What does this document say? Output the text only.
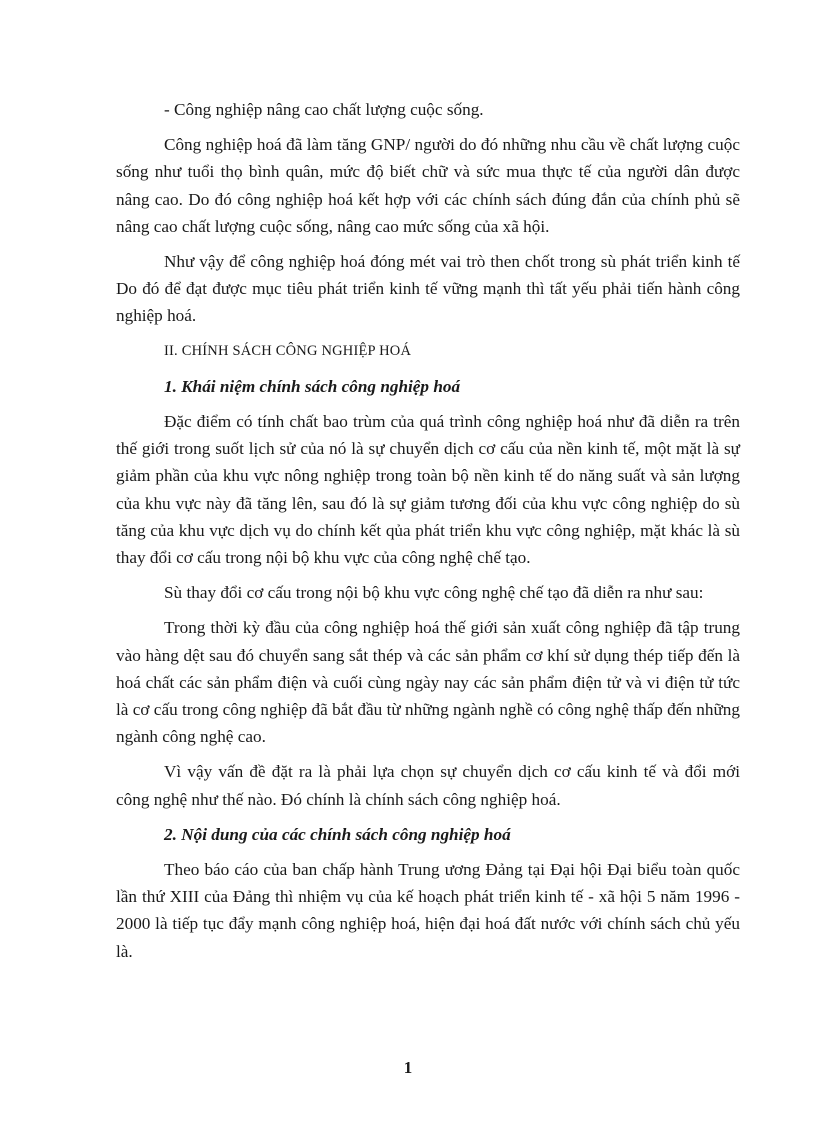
- Công nghiệp nâng cao chất lượng cuộc sống.

Công nghiệp hoá đã làm tăng GNP/ người do đó những nhu cầu về chất lượng cuộc sống như tuổi thọ bình quân, mức độ biết chữ và sức mua thực tế của người dân được nâng cao. Do đó công nghiệp hoá kết hợp với các chính sách đúng đắn của chính phủ sẽ nâng cao chất lượng cuộc sống, nâng cao mức sống của xã hội.

Như vậy để công nghiệp hoá đóng mét vai trò then chốt trong sù phát triển kinh tế Do đó để đạt được mục tiêu phát triển kinh tế vững mạnh thì tất yếu phải tiến hành công nghiệp hoá.

II. CHÍNH SÁCH CÔNG NGHIỆP HOÁ

1. Khái niệm chính sách công nghiệp hoá

Đặc điểm có tính chất bao trùm của quá trình công nghiệp hoá như đã diễn ra trên thế giới trong suốt lịch sử của nó là sự chuyển dịch cơ cấu của nền kinh tế, một mặt là sự giảm phần của khu vực nông nghiệp trong toàn bộ nền kinh tế do năng suất và sản lượng của khu vực này đã tăng lên, sau đó là sự giảm tương đối của khu vực công nghiệp do sù tăng của khu vực dịch vụ do chính kết qủa phát triển khu vực công nghiệp, mặt khác là sù thay đổi cơ cấu trong nội bộ khu vực của công nghệ chế tạo.

Sù thay đổi cơ cấu trong nội bộ khu vực công nghệ chế tạo đã diễn ra như sau:

Trong thời kỳ đầu của công nghiệp hoá thế giới sản xuất công nghiệp đã tập trung vào hàng dệt sau đó chuyển sang sắt thép và các sản phẩm cơ khí sử dụng thép tiếp đến là hoá chất các sản phẩm điện và cuối cùng ngày nay các sản phẩm điện tử và vi điện tử tức là cơ cấu trong công nghiệp đã bắt đầu từ những ngành nghề có công nghệ thấp đến những ngành công nghệ cao.

Vì vậy vấn đề đặt ra là phải lựa chọn sự chuyển dịch cơ cấu kinh tế và đổi mới công nghệ như thế nào. Đó chính là chính sách công nghiệp hoá.

2. Nội dung của các chính sách công nghiệp hoá

Theo báo cáo của ban chấp hành Trung ương Đảng tại Đại hội Đại biểu toàn quốc lần thứ XIII của Đảng thì nhiệm vụ của kế hoạch phát triển kinh tế - xã hội 5 năm 1996 - 2000 là tiếp tục đẩy mạnh công nghiệp hoá, hiện đại hoá đất nước với chính sách chủ yếu là.

1
